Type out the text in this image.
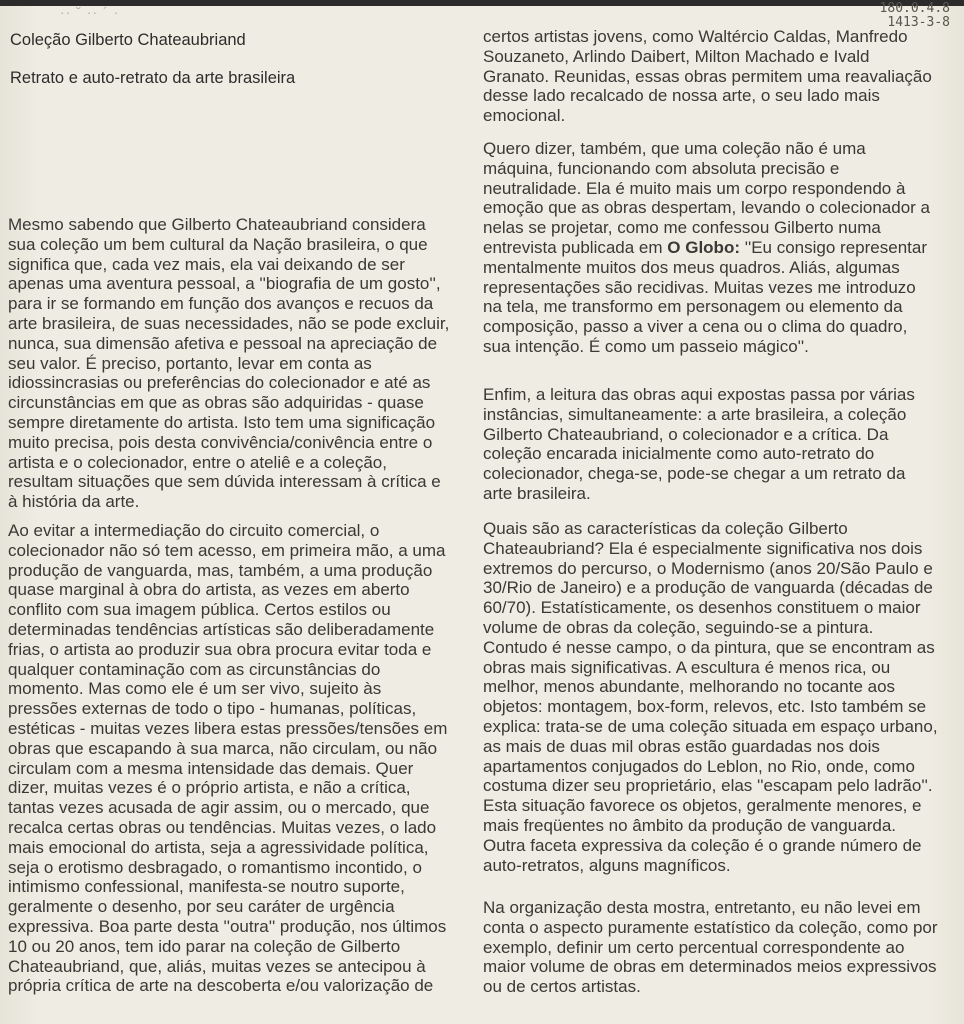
·· ˘ ·· ´ ·	180.0.4.8
1413-3-8
Coleção Gilberto Chateaubriand
Retrato e auto-retrato da arte brasileira

Mesmo sabendo que Gilberto Chateaubriand considera sua coleção um bem cultural da Nação brasileira, o que significa que, cada vez mais, ela vai deixando de ser apenas uma aventura pessoal, a ''biografia de um gosto'', para ir se formando em função dos avanços e recuos da arte brasileira, de suas necessidades, não se pode excluir, nunca, sua dimensão afetiva e pessoal na apreciação de seu valor. É preciso, portanto, levar em conta as idiossincrasias ou preferências do colecionador e até as circunstâncias em que as obras são adquiridas - quase sempre diretamente do artista. Isto tem uma significação muito precisa, pois desta convivência/conivência entre o artista e o colecionador, entre o ateliê e a coleção, resultam situações que sem dúvida interessam à crítica e à história da arte.

Ao evitar a intermediação do circuito comercial, o colecionador não só tem acesso, em primeira mão, a uma produção de vanguarda, mas, também, a uma produção quase marginal à obra do artista, as vezes em aberto conflito com sua imagem pública. Certos estilos ou determinadas tendências artísticas são deliberadamente frias, o artista ao produzir sua obra procura evitar toda e qualquer contaminação com as circunstâncias do momento. Mas como ele é um ser vivo, sujeito às pressões externas de todo o tipo - humanas, políticas, estéticas - muitas vezes libera estas pressões/tensões em obras que escapando à sua marca, não circulam, ou não circulam com a mesma intensidade das demais. Quer dizer, muitas vezes é o próprio artista, e não a crítica, tantas vezes acusada de agir assim, ou o mercado, que recalca certas obras ou tendências. Muitas vezes, o lado mais emocional do artista, seja a agressividade política, seja o erotismo desbragado, o romantismo incontido, o intimismo confessional, manifesta-se noutro suporte, geralmente o desenho, por seu caráter de urgência expressiva. Boa parte desta ''outra'' produção, nos últimos 10 ou 20 anos, tem ido parar na coleção de Gilberto Chateaubriand, que, aliás, muitas vezes se antecipou à própria crítica de arte na descoberta e/ou valorização de

certos artistas jovens, como Waltércio Caldas, Manfredo Souzaneto, Arlindo Daibert, Milton Machado e Ivald Granato. Reunidas, essas obras permitem uma reavaliação desse lado recalcado de nossa arte, o seu lado mais emocional.

Quero dizer, também, que uma coleção não é uma máquina, funcionando com absoluta precisão e neutralidade. Ela é muito mais um corpo respondendo à emoção que as obras despertam, levando o colecionador a nelas se projetar, como me confessou Gilberto numa entrevista publicada em O Globo: ''Eu consigo representar mentalmente muitos dos meus quadros. Aliás, algumas representações são recidivas. Muitas vezes me introduzo na tela, me transformo em personagem ou elemento da composição, passo a viver a cena ou o clima do quadro, sua intenção. É como um passeio mágico''.

Enfim, a leitura das obras aqui expostas passa por várias instâncias, simultaneamente: a arte brasileira, a coleção Gilberto Chateaubriand, o colecionador e a crítica. Da coleção encarada inicialmente como auto-retrato do colecionador, chega-se, pode-se chegar a um retrato da arte brasileira.

Quais são as características da coleção Gilberto Chateaubriand? Ela é especialmente significativa nos dois extremos do percurso, o Modernismo (anos 20/São Paulo e 30/Rio de Janeiro) e a produção de vanguarda (décadas de 60/70). Estatísticamente, os desenhos constituem o maior volume de obras da coleção, seguindo-se a pintura. Contudo é nesse campo, o da pintura, que se encontram as obras mais significativas. A escultura é menos rica, ou melhor, menos abundante, melhorando no tocante aos objetos: montagem, box-form, relevos, etc. Isto também se explica: trata-se de uma coleção situada em espaço urbano, as mais de duas mil obras estão guardadas nos dois apartamentos conjugados do Leblon, no Rio, onde, como costuma dizer seu proprietário, elas ''escapam pelo ladrão''. Esta situação favorece os objetos, geralmente menores, e mais freqüentes no âmbito da produção de vanguarda. Outra faceta expressiva da coleção é o grande número de auto-retratos, alguns magníficos.

Na organização desta mostra, entretanto, eu não levei em conta o aspecto puramente estatístico da coleção, como por exemplo, definir um certo percentual correspondente ao maior volume de obras em determinados meios expressivos ou de certos artistas.
